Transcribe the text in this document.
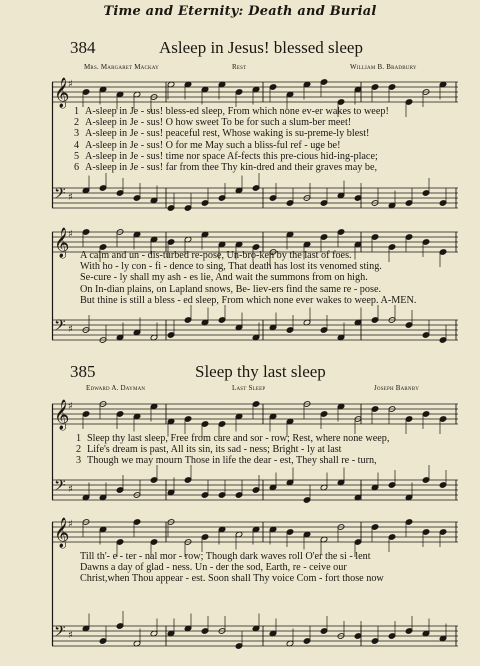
Time and Eternity: Death and Burial
384	Asleep in Jesus! blessed sleep
Mrs. Margaret Mackay	Rest	William B. Bradbury
𝄞
♯
𝄢 ♯
1 A-sleep in Je - sus! bless-ed sleep, From which none ev-er wakes to weep!
2 A-sleep in Je - sus! O how sweet To be for such a slum-ber meet!
3 A-sleep in Je - sus! peaceful rest, Whose waking is su-preme-ly blest!
4 A-sleep in Je - sus! O for me May such a bliss-ful ref - uge be!
5 A-sleep in Je - sus! time nor space Af-fects this pre-cious hid-ing-place;
6 A-sleep in Je - sus! far from thee Thy kin-dred and their graves may be,
𝄞
♯
𝄢 ♯
A calm and un - dis-turbed re-pose, Un-bro-ken by the last of foes.
With ho - ly con - fi - dence to sing, That death has lost its venomed sting.
Se-cure - ly shall my ash - es lie, And wait the summons from on high.
On In-dian plains, on Lapland snows, Be- liev-ers find the same re - pose.
But thine is still a bless - ed sleep, From which none ever wakes to weep. A-MEN.
385	Sleep thy last sleep
Edward A. Dayman	Last Sleep	Joseph Barnby
𝄞
♯
𝄢 ♯
1 Sleep thy last sleep, Free from care and sor - row; Rest, where none weep,
2 Life's dream is past, All its sin, its sad - ness; Bright - ly at last
3 Though we may mourn Those in life the dear - est, They shall re - turn,
𝄞
♯
𝄢 ♯
Till th'- e - ter - nal mor - row; Though dark waves roll O'er the si - lent
Dawns a day of glad - ness. Un - der the sod, Earth, re - ceive our
Christ,when Thou appear - est. Soon shall Thy voice Com - fort those now
